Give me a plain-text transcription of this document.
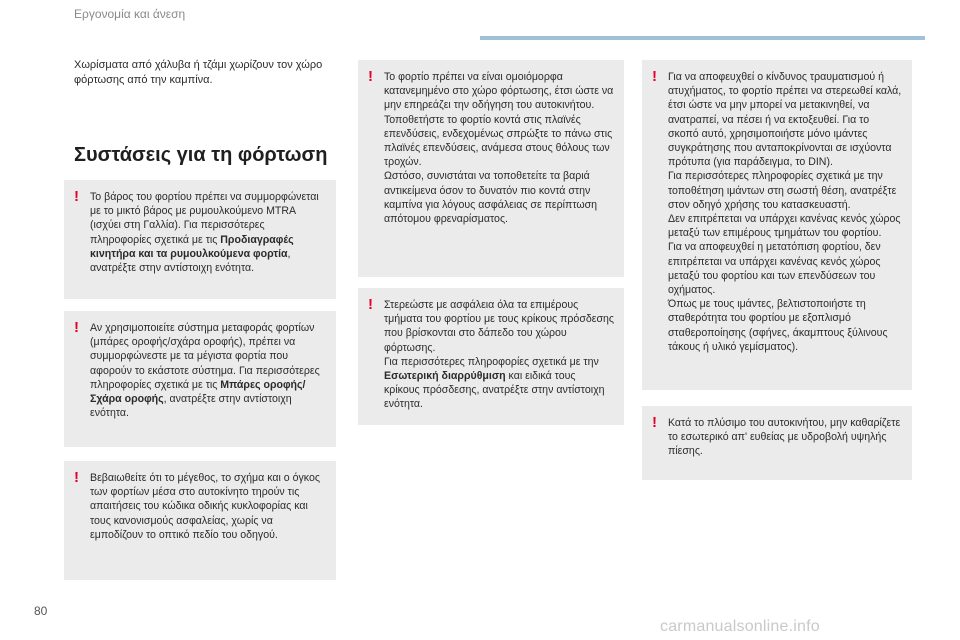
Εργονομία και άνεση
Χωρίσματα από χάλυβα ή τζάμι χωρίζουν τον χώρο φόρτωσης από την καμπίνα.
Συστάσεις για τη φόρτωση
! Το βάρος του φορτίου πρέπει να συμμορφώνεται με το μικτό βάρος με ρυμουλκούμενο MTRA (ισχύει στη Γαλλία). Για περισσότερες πληροφορίες σχετικά με τις Προδιαγραφές κινητήρα και τα ρυμουλκούμενα φορτία, ανατρέξτε στην αντίστοιχη ενότητα.

! Αν χρησιμοποιείτε σύστημα μεταφοράς φορτίων (μπάρες οροφής/σχάρα οροφής), πρέπει να συμμορφώνεστε με τα μέγιστα φορτία που αφορούν το εκάστοτε σύστημα. Για περισσότερες πληροφορίες σχετικά με τις Μπάρες οροφής/Σχάρα οροφής, ανατρέξτε στην αντίστοιχη ενότητα.

! Βεβαιωθείτε ότι το μέγεθος, το σχήμα και ο όγκος των φορτίων μέσα στο αυτοκίνητο τηρούν τις απαιτήσεις του κώδικα οδικής κυκλοφορίας και τους κανονισμούς ασφαλείας, χωρίς να εμποδίζουν το οπτικό πεδίο του οδηγού.

! Το φορτίο πρέπει να είναι ομοιόμορφα κατανεμημένο στο χώρο φόρτωσης, έτσι ώστε να μην επηρεάζει την οδήγηση του αυτοκινήτου.

Τοποθετήστε το φορτίο κοντά στις πλαϊνές επενδύσεις, ενδεχομένως σπρώξτε το πάνω στις πλαϊνές επενδύσεις, ανάμεσα στους θόλους των τροχών.

Ωστόσο, συνιστάται να τοποθετείτε τα βαριά αντικείμενα όσον το δυνατόν πιο κοντά στην καμπίνα για λόγους ασφάλειας σε περίπτωση απότομου φρεναρίσματος.

! Στερεώστε με ασφάλεια όλα τα επιμέρους τμήματα του φορτίου με τους κρίκους πρόσδεσης που βρίσκονται στο δάπεδο του χώρου φόρτωσης.
Για περισσότερες πληροφορίες σχετικά με την Εσωτερική διαρρύθμιση και ειδικά τους κρίκους πρόσδεσης, ανατρέξτε στην αντίστοιχη ενότητα.

! Για να αποφευχθεί ο κίνδυνος τραυματισμού ή ατυχήματος, το φορτίο πρέπει να στερεωθεί καλά, έτσι ώστε να μην μπορεί να μετακινηθεί, να ανατραπεί, να πέσει ή να εκτοξευθεί. Για το σκοπό αυτό, χρησιμοποιήστε μόνο ιμάντες συγκράτησης που ανταποκρίνονται σε ισχύοντα πρότυπα (για παράδειγμα, το DIN).

Για περισσότερες πληροφορίες σχετικά με την τοποθέτηση ιμάντων στη σωστή θέση, ανατρέξτε στον οδηγό χρήσης του κατασκευαστή.

Δεν επιτρέπεται να υπάρχει κανένας κενός χώρος μεταξύ των επιμέρους τμημάτων του φορτίου.

Για να αποφευχθεί η μετατόπιση φορτίου, δεν επιτρέπεται να υπάρχει κανένας κενός χώρος μεταξύ του φορτίου και των επενδύσεων του οχήματος.

Όπως με τους ιμάντες, βελτιστοποιήστε τη σταθερότητα του φορτίου με εξοπλισμό σταθεροποίησης (σφήνες, άκαμπτους ξύλινους τάκους ή υλικό γεμίσματος).

! Κατά το πλύσιμο του αυτοκινήτου, μην καθαρίζετε το εσωτερικό απ' ευθείας με υδροβολή υψηλής πίεσης.

80
carmanualsonline.info
